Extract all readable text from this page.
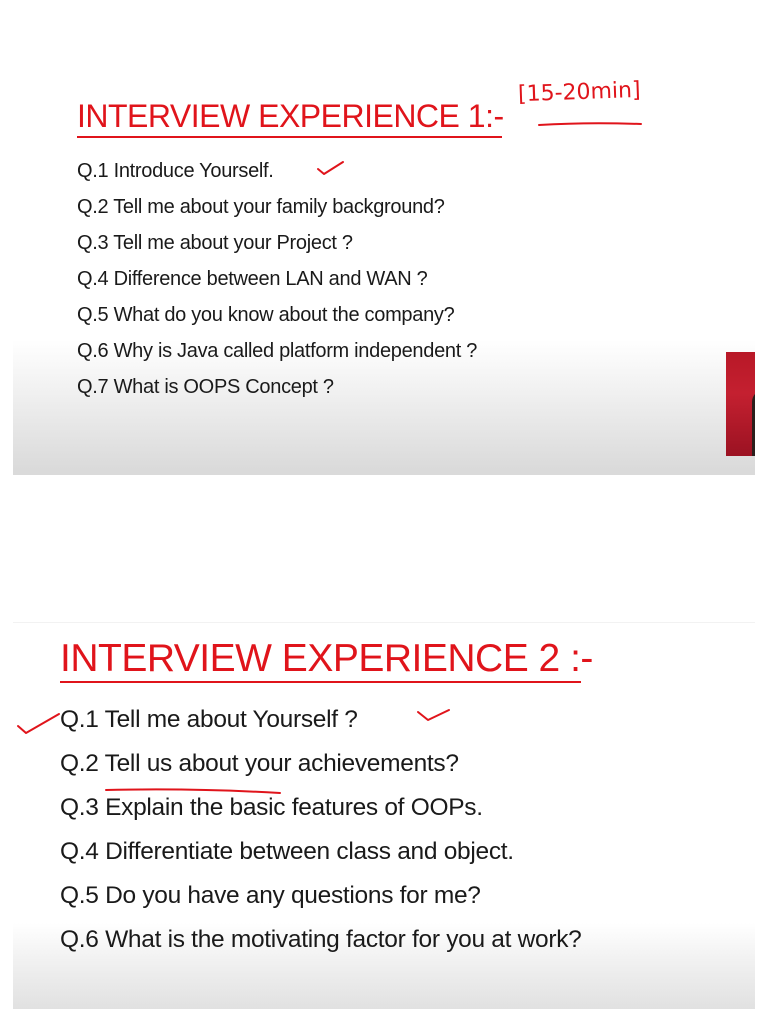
INTERVIEW EXPERIENCE 1:-
Q.1 Introduce Yourself.
Q.2 Tell me about your family background?
Q.3 Tell me about your Project ?
Q.4 Difference between LAN and WAN ?
Q.5 What do you know about the company?
Q.6 Why is Java called platform independent ?
Q.7 What is OOPS Concept ?
[15-20min]
INTERVIEW EXPERIENCE 2 :-
Q.1 Tell me about Yourself ?
Q.2 Tell us about your achievements?
Q.3 Explain the basic features of OOPs.
Q.4 Differentiate between class and object.
Q.5 Do you have any questions for me?
Q.6 What is the motivating factor for you at work?
